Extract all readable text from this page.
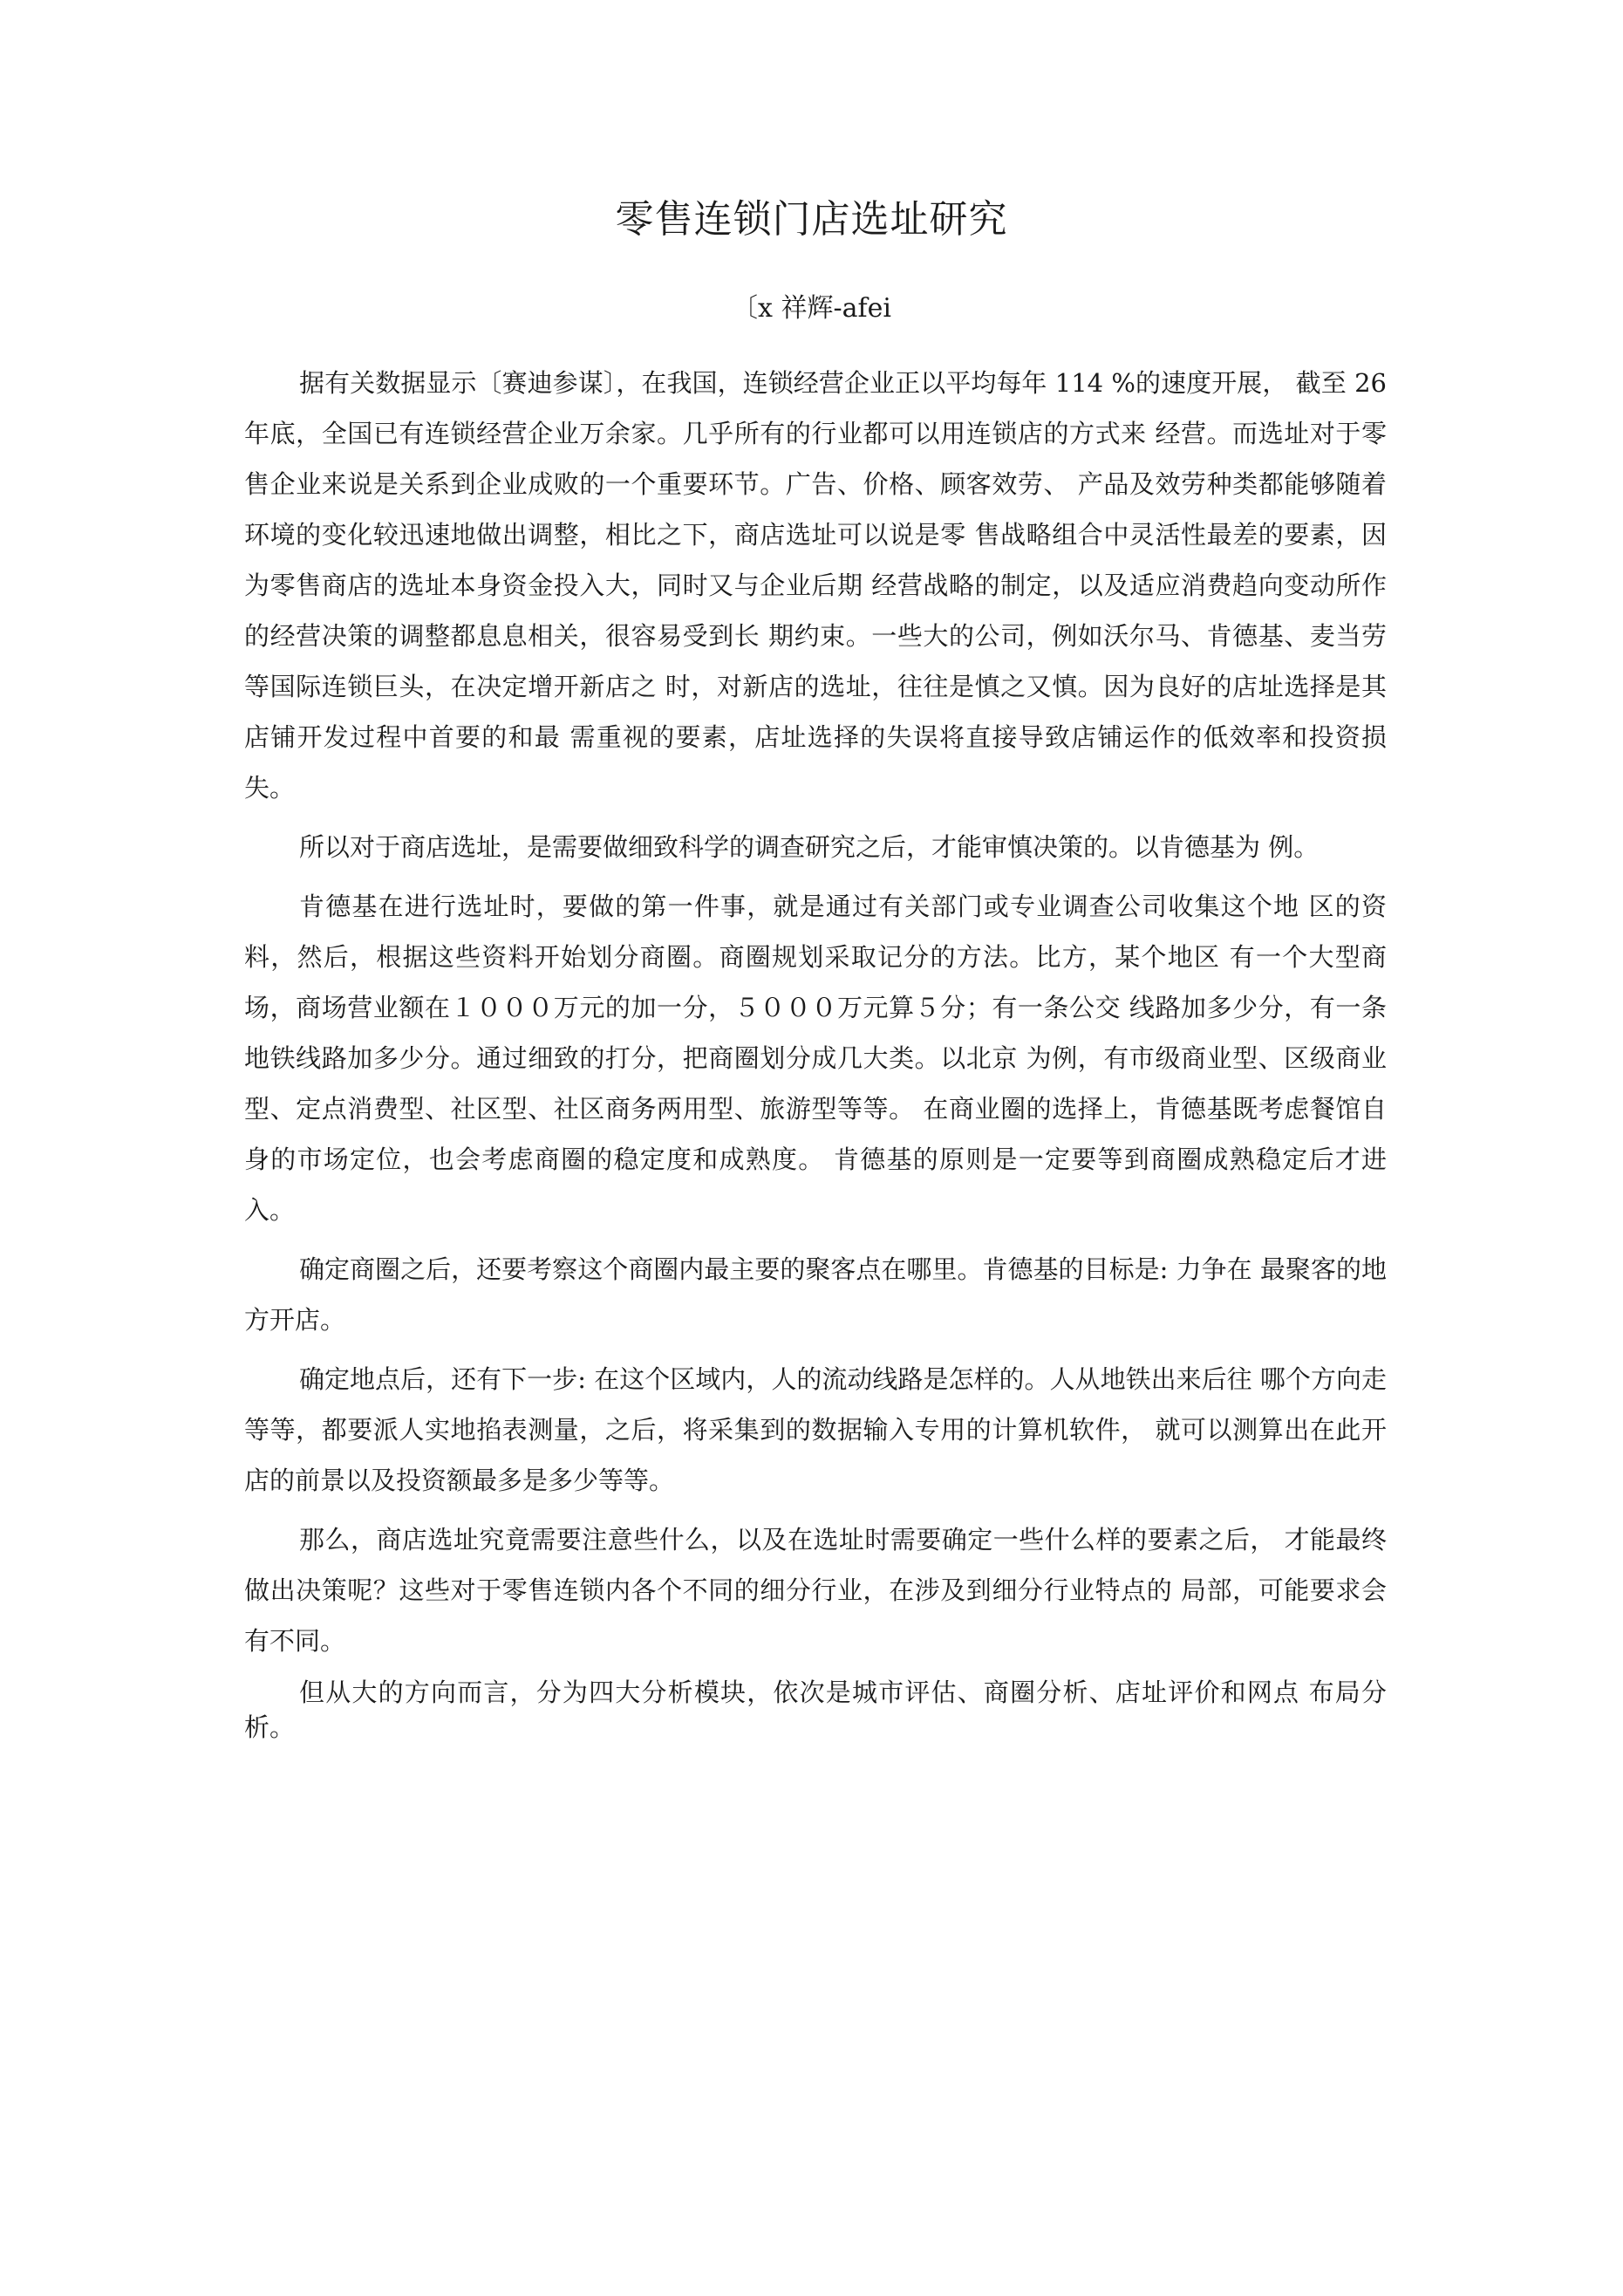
零售连锁门店选址研究
〔x 祥辉-afei

据有关数据显示〔赛迪参谋〕，在我国，连锁经营企业正以平均每年 114 %的速度开展， 截至 26 年底，全国已有连锁经营企业万余家。几乎所有的行业都可以用连锁店的方式来 经营。而选址对于零售企业来说是关系到企业成败的一个重要环节。广告、价格、顾客效劳、 产品及效劳种类都能够随着环境的变化较迅速地做出调整，相比之下，商店选址可以说是零 售战略组合中灵活性最差的要素，因为零售商店的选址本身资金投入大，同时又与企业后期 经营战略的制定，以及适应消费趋向变动所作的经营决策的调整都息息相关，很容易受到长 期约束。一些大的公司，例如沃尔马、肯德基、麦当劳等国际连锁巨头，在决定增开新店之 时，对新店的选址，往往是慎之又慎。因为良好的店址选择是其店铺开发过程中首要的和最 需重视的要素，店址选择的失误将直接导致店铺运作的低效率和投资损失。

所以对于商店选址，是需要做细致科学的调查研究之后，才能审慎决策的。以肯德基为 例。

肯德基在进行选址时，要做的第一件事，就是通过有关部门或专业调查公司收集这个地 区的资料，然后，根据这些资料开始划分商圈。商圈规划采取记分的方法。比方，某个地区 有一个大型商场，商场营业额在１０００万元的加一分，５０００万元算５分；有一条公交 线路加多少分，有一条地铁线路加多少分。通过细致的打分，把商圈划分成几大类。以北京 为例，有市级商业型、区级商业型、定点消费型、社区型、社区商务两用型、旅游型等等。 在商业圈的选择上，肯德基既考虑餐馆自身的市场定位，也会考虑商圈的稳定度和成熟度。 肯德基的原则是一定要等到商圈成熟稳定后才进入。

确定商圈之后，还要考察这个商圈内最主要的聚客点在哪里。肯德基的目标是: 力争在 最聚客的地方开店。

确定地点后，还有下一步: 在这个区域内，人的流动线路是怎样的。人从地铁出来后往 哪个方向走等等，都要派人实地掐表测量，之后，将采集到的数据输入专用的计算机软件， 就可以测算出在此开店的前景以及投资额最多是多少等等。

那么，商店选址究竟需要注意些什么，以及在选址时需要确定一些什么样的要素之后， 才能最终做出决策呢？这些对于零售连锁内各个不同的细分行业，在涉及到细分行业特点的 局部，可能要求会有不同。

但从大的方向而言，分为四大分析模块，依次是城市评估、商圈分析、店址评价和网点 布局分析。
